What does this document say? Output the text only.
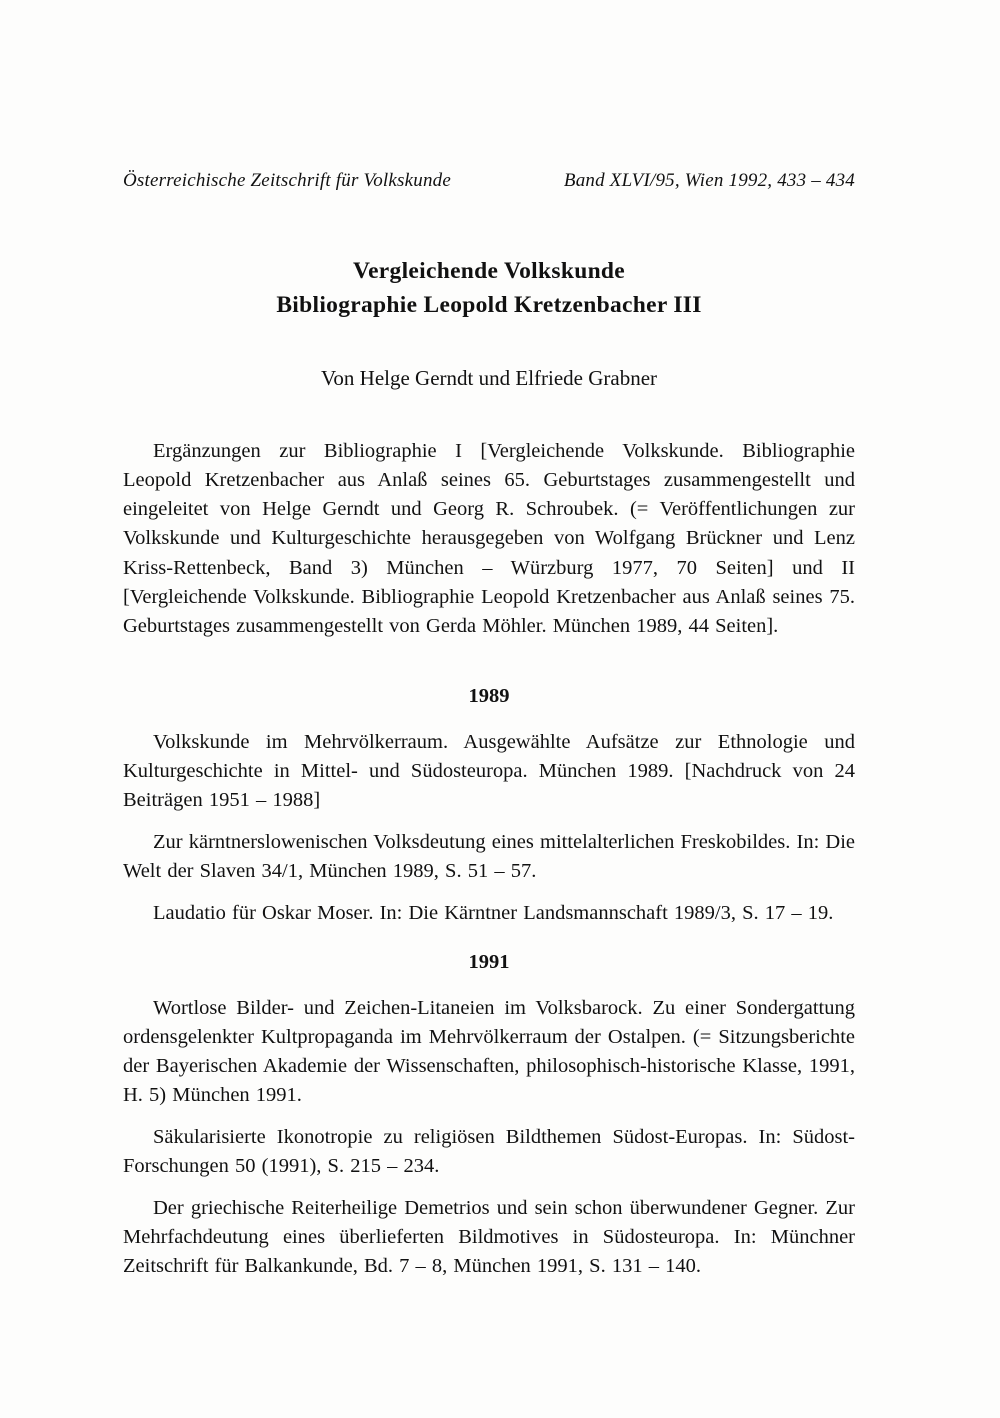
Österreichische Zeitschrift für Volkskunde	Band XLVI/95, Wien 1992, 433 – 434
Vergleichende Volkskunde
Bibliographie Leopold Kretzenbacher III
Von Helge Gerndt und Elfriede Grabner

Ergänzungen zur Bibliographie I [Vergleichende Volkskunde. Bibliographie Leopold Kretzenbacher aus Anlaß seines 65. Geburtstages zusammengestellt und eingeleitet von Helge Gerndt und Georg R. Schroubek. (= Veröffentlichungen zur Volkskunde und Kulturgeschichte herausgegeben von Wolfgang Brückner und Lenz Kriss-Rettenbeck, Band 3) München – Würzburg 1977, 70 Seiten] und II [Vergleichende Volkskunde. Bibliographie Leopold Kretzenbacher aus Anlaß seines 75. Geburtstages zusammengestellt von Gerda Möhler. München 1989, 44 Seiten].

1989

Volkskunde im Mehrvölkerraum. Ausgewählte Aufsätze zur Ethnologie und Kulturgeschichte in Mittel- und Südosteuropa. München 1989. [Nachdruck von 24 Beiträgen 1951 – 1988]

Zur kärntnerslowenischen Volksdeutung eines mittelalterlichen Freskobildes. In: Die Welt der Slaven 34/1, München 1989, S. 51 – 57.

Laudatio für Oskar Moser. In: Die Kärntner Landsmannschaft 1989/3, S. 17 – 19.

1991

Wortlose Bilder- und Zeichen-Litaneien im Volksbarock. Zu einer Sondergattung ordensgelenkter Kultpropaganda im Mehrvölkerraum der Ostalpen. (= Sitzungsberichte der Bayerischen Akademie der Wissenschaften, philosophisch-historische Klasse, 1991, H. 5) München 1991.

Säkularisierte Ikonotropie zu religiösen Bildthemen Südost-Europas. In: Südost-Forschungen 50 (1991), S. 215 – 234.

Der griechische Reiterheilige Demetrios und sein schon überwundener Gegner. Zur Mehrfachdeutung eines überlieferten Bildmotives in Südosteuropa. In: Münchner Zeitschrift für Balkankunde, Bd. 7 – 8, München 1991, S. 131 – 140.
